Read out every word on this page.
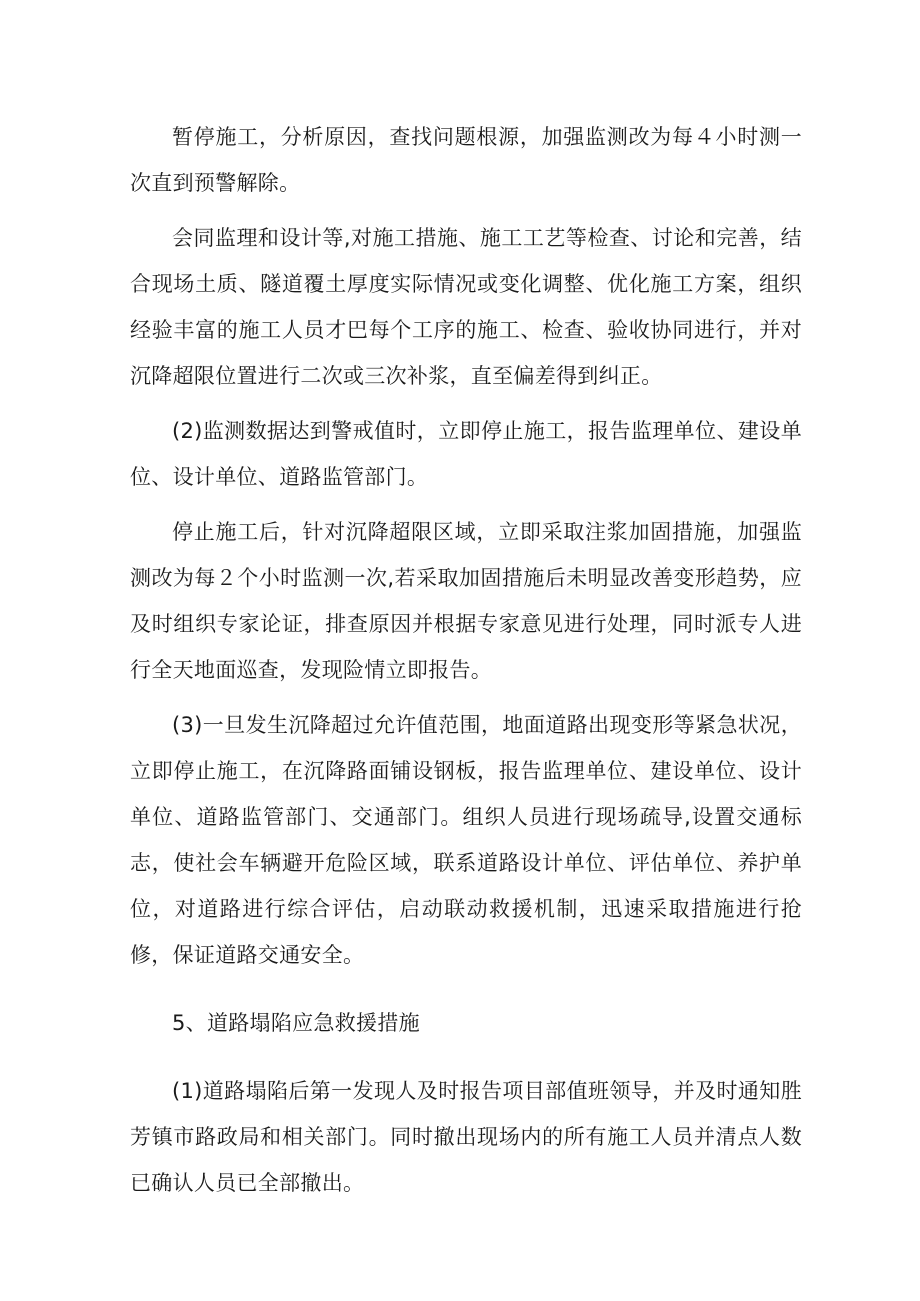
暂停施工，分析原因，查找问题根源，加强监测改为每４小时测一次直到预警解除。

会同监理和设计等,对施工措施、施工工艺等检查、讨论和完善，结合现场土质、隧道覆土厚度实际情况或变化调整、优化施工方案，组织经验丰富的施工人员才巴每个工序的施工、检查、验收协同进行，并对沉降超限位置进行二次或三次补浆，直至偏差得到纠正。

(2)监测数据达到警戒值时，立即停止施工，报告监理单位、建设单位、设计单位、道路监管部门。

停止施工后，针对沉降超限区域，立即采取注浆加固措施，加强监测改为每２个小时监测一次,若采取加固措施后未明显改善变形趋势，应及时组织专家论证，排查原因并根据专家意见进行处理，同时派专人进行全天地面巡查，发现险情立即报告。

(3)一旦发生沉降超过允许值范围，地面道路出现变形等紧急状况，立即停止施工，在沉降路面铺设钢板，报告监理单位、建设单位、设计单位、道路监管部门、交通部门。组织人员进行现场疏导,设置交通标志，使社会车辆避开危险区域，联系道路设计单位、评估单位、养护单位，对道路进行综合评估，启动联动救援机制，迅速采取措施进行抢修，保证道路交通安全。

5、道路塌陷应急救援措施

(1)道路塌陷后第一发现人及时报告项目部值班领导，并及时通知胜芳镇市路政局和相关部门。同时撤出现场内的所有施工人员并清点人数已确认人员已全部撤出。
